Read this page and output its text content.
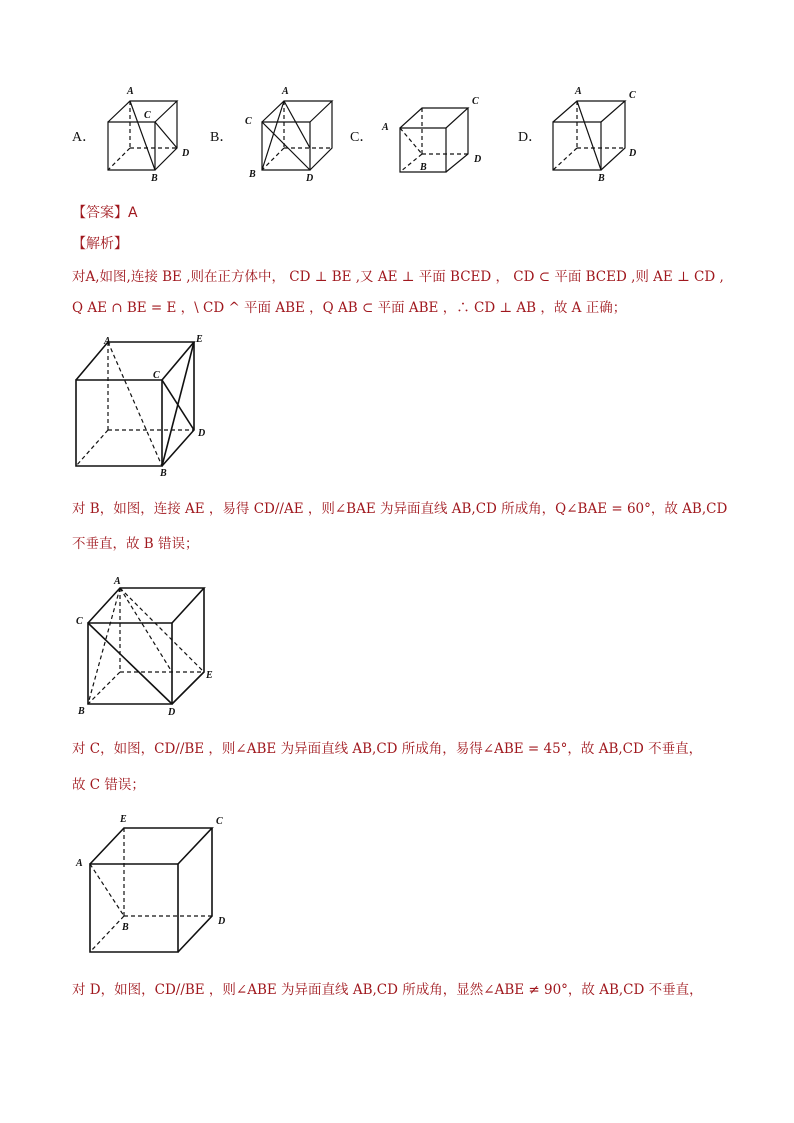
A．	B．	C．	D．
A
C
D
B
A
C
D
B
A
C
D
B
A	C
D
B
【答案】A
【解析】
对A,如图,连接 BE ,则在正方体中， CD ⊥ BE ,又 AE ⊥ 平面 BCED ， CD ⊂ 平面 BCED ,则 AE ⊥ CD ,
Q AE ∩ BE = E ，\ CD ^ 平面 ABE ，Q AB ⊂ 平面 ABE ，∴ CD ⊥ AB ，故 A 正确；
A	E
C
D
B
对 B，如图，连接 AE ，易得 CD//AE ，则∠BAE 为异面直线 AB,CD 所成角，Q∠BAE = 60°，故 AB,CD
不垂直，故 B 错误；
A
C
E
D
B
对 C，如图，CD//BE ，则∠ABE 为异面直线 AB,CD 所成角，易得∠ABE = 45°，故 AB,CD 不垂直，
故 C 错误；
E	C
A
D
B
对 D，如图，CD//BE ，则∠ABE 为异面直线 AB,CD 所成角，显然∠ABE ≠ 90°，故 AB,CD 不垂直，
